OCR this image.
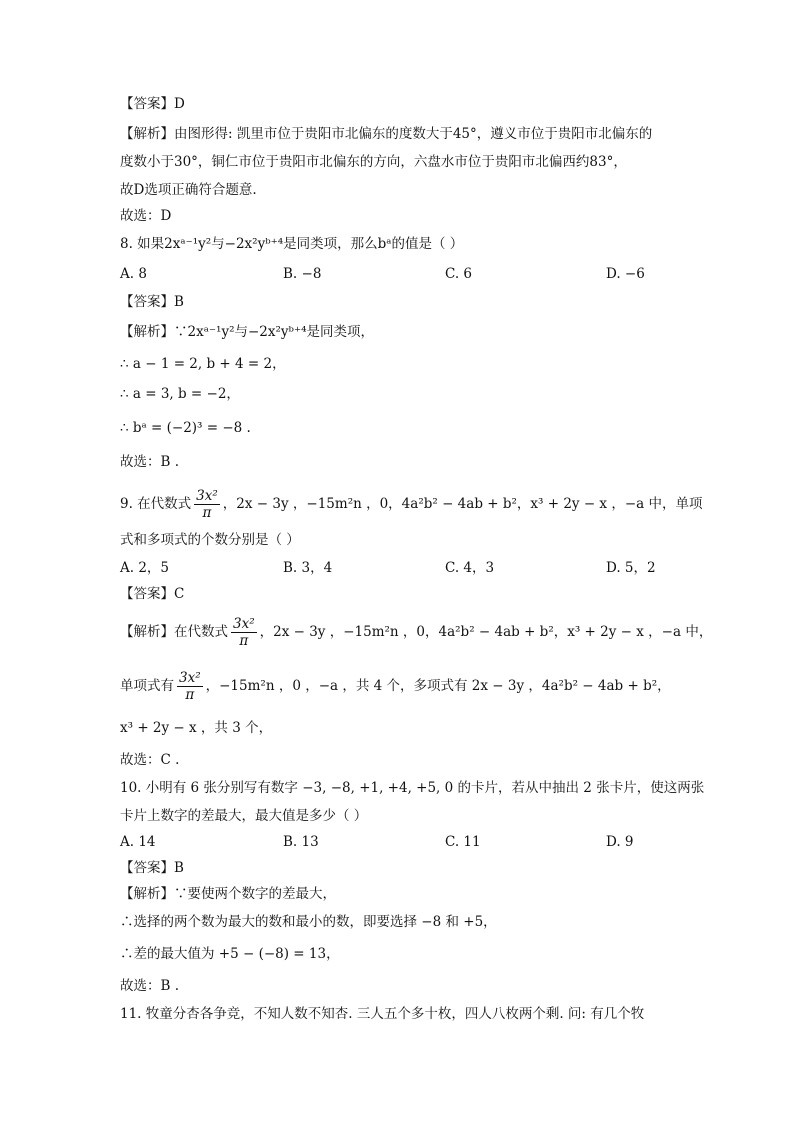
【答案】D
【解析】由图形得: 凯里市位于贵阳市北偏东的度数大于45°，遵义市位于贵阳市北偏东的
度数小于30°，铜仁市位于贵阳市北偏东的方向，六盘水市位于贵阳市北偏西约83°，
故D选项正确符合题意.
故选：D
8. 如果2xᵃ⁻¹y²与−2x²yᵇ⁺⁴是同类项，那么bᵃ的值是（ ）
A. 8	B. −8	C. 6	D. −6
【答案】B
【解析】∵2xᵃ⁻¹y²与−2x²yᵇ⁺⁴是同类项，
∴ a − 1 = 2, b + 4 = 2，
∴ a = 3, b = −2，
∴ bᵃ = (−2)³ = −8 .
故选：B .
9. 在代数式 $\frac{\text{3x²}}{\pi}$ ，2x − 3y ，−15m²n ，0，4a²b² − 4ab + b²，x³ + 2y − x ，−a 中，单项
式和多项式的个数分别是（ ）
A. 2，5	B. 3，4	C. 4，3	D. 5，2
【答案】C
【解析】在代数式 $\frac{\text{3x²}}{\pi}$ ，2x − 3y ，−15m²n ，0，4a²b² − 4ab + b²，x³ + 2y − x ，−a 中，
单项式有 $\frac{\text{3x²}}{\pi}$ ，−15m²n ，0 ，−a ，共 4 个，多项式有 2x − 3y ，4a²b² − 4ab + b²，
x³ + 2y − x ，共 3 个，
故选：C .
10. 小明有 6 张分别写有数字 −3, −8, +1, +4, +5, 0 的卡片，若从中抽出 2 张卡片，使这两张
卡片上数字的差最大，最大值是多少（ ）
A. 14	B. 13	C. 11	D. 9
【答案】B
【解析】∵要使两个数字的差最大，
∴选择的两个数为最大的数和最小的数，即要选择 −8 和 +5，
∴差的最大值为 +5 − (−8) = 13，
故选：B .
11. 牧童分杏各争竞，不知人数不知杏. 三人五个多十枚，四人八枚两个剩. 问: 有几个牧
